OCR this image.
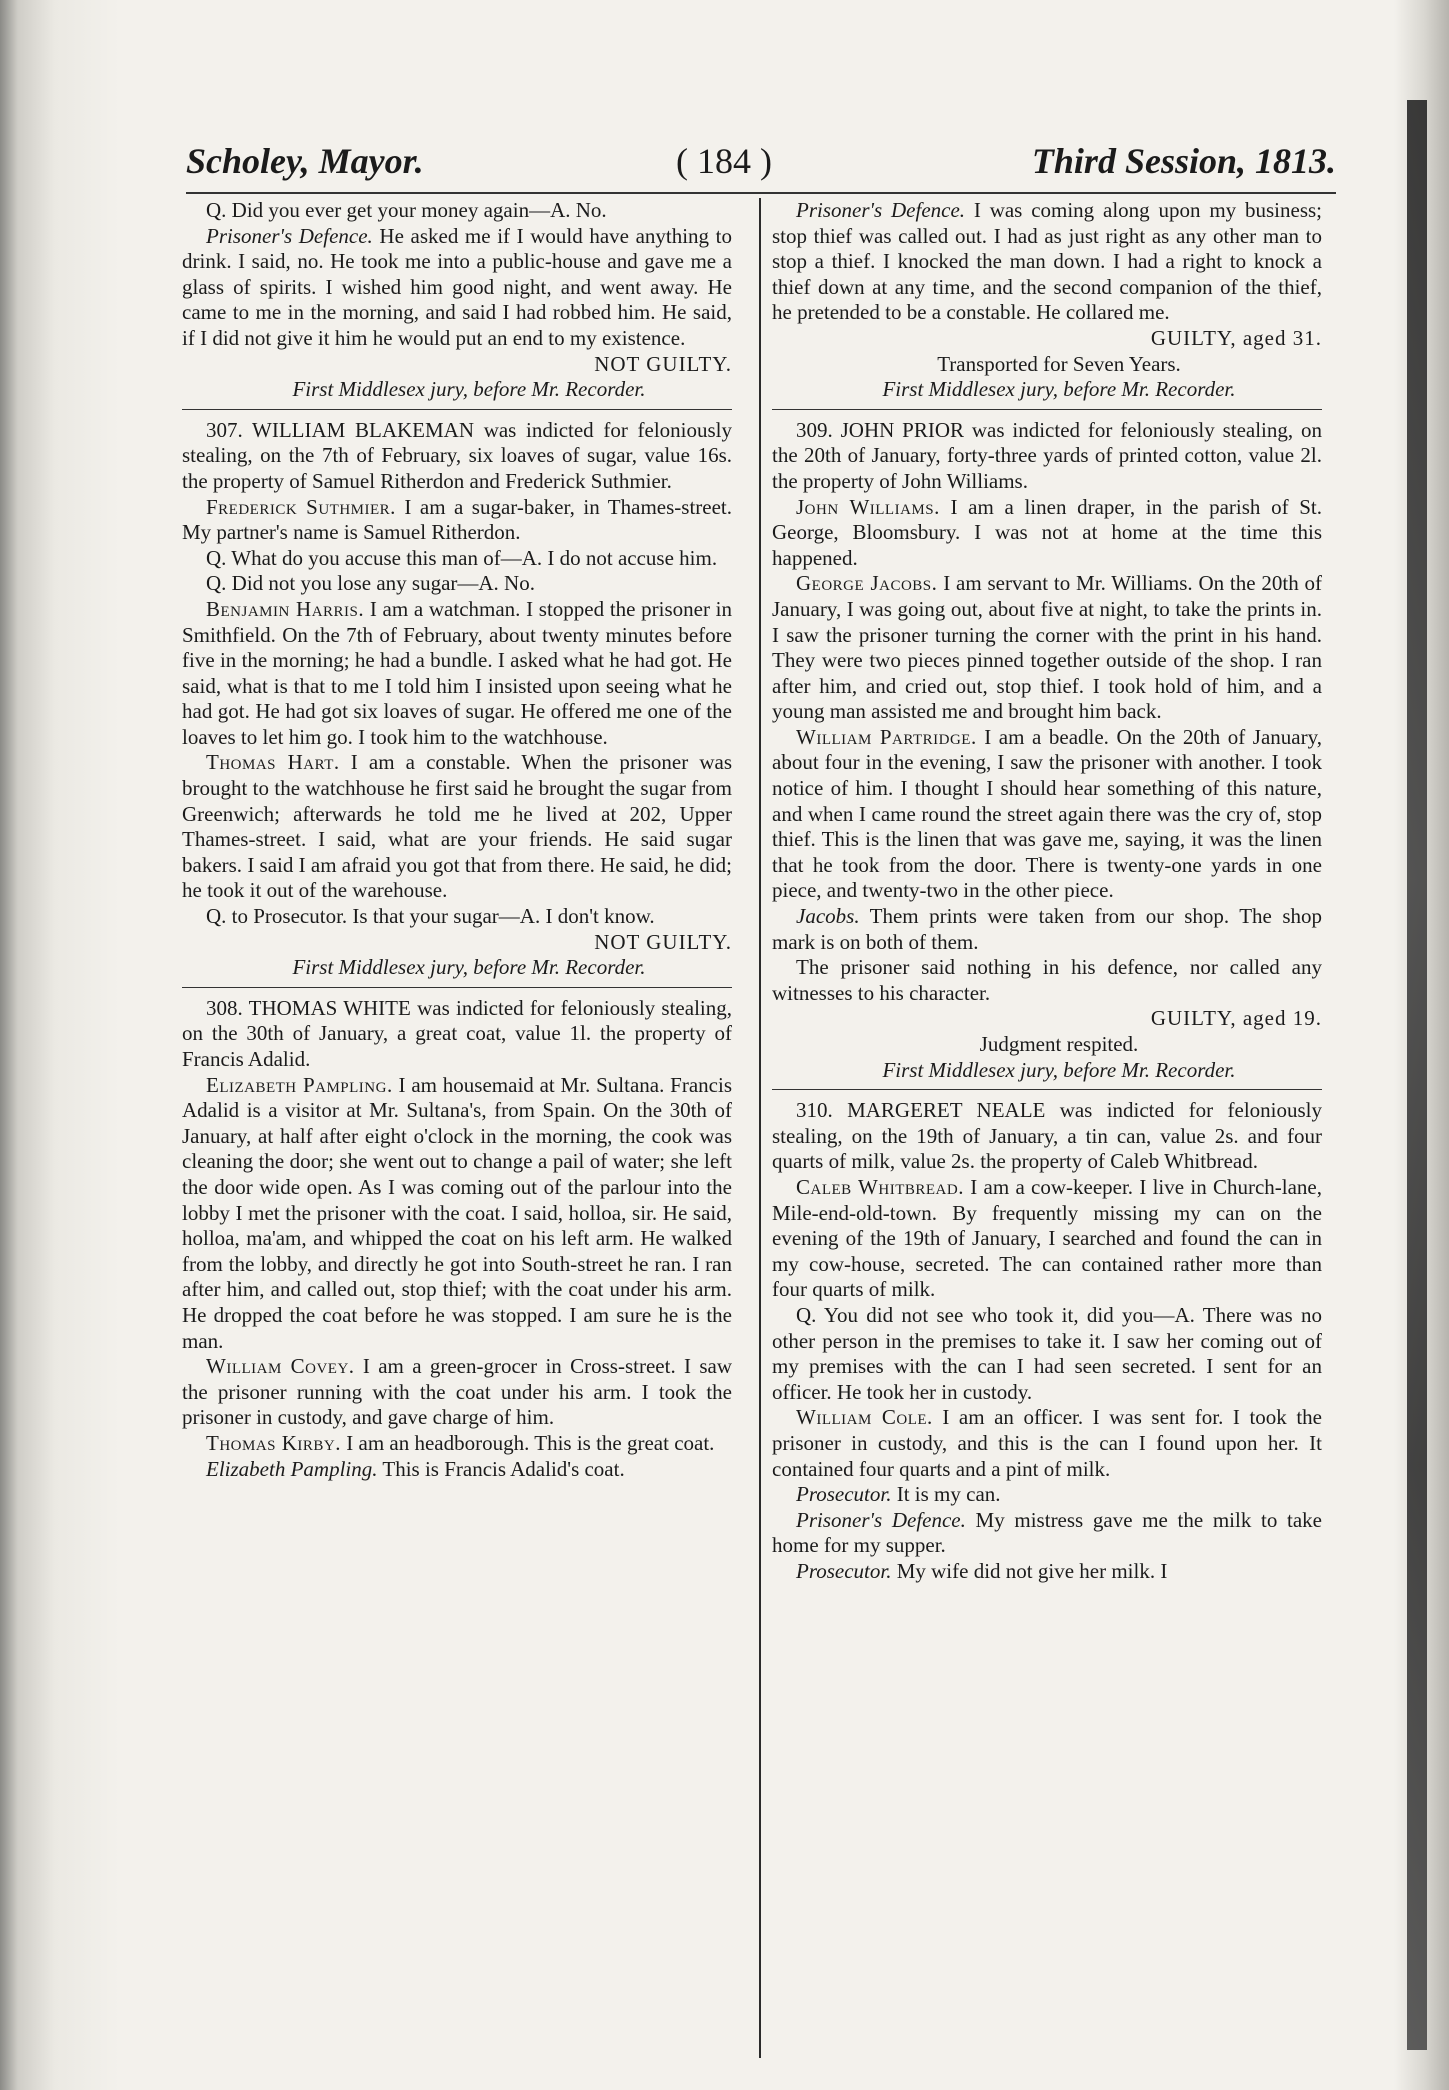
Scholey, Mayor.	( 184 )	Third Session, 1813.

Q. Did you ever get your money again—A. No.

Prisoner's Defence. He asked me if I would have anything to drink. I said, no. He took me into a public-house and gave me a glass of spirits. I wished him good night, and went away. He came to me in the morning, and said I had robbed him. He said, if I did not give it him he would put an end to my existence.

NOT GUILTY.

First Middlesex jury, before Mr. Recorder.

307. WILLIAM BLAKEMAN was indicted for feloniously stealing, on the 7th of February, six loaves of sugar, value 16s. the property of Samuel Ritherdon and Frederick Suthmier.

Frederick Suthmier. I am a sugar-baker, in Thames-street. My partner's name is Samuel Ritherdon.

Q. What do you accuse this man of—A. I do not accuse him.

Q. Did not you lose any sugar—A. No.

Benjamin Harris. I am a watchman. I stopped the prisoner in Smithfield. On the 7th of February, about twenty minutes before five in the morning; he had a bundle. I asked what he had got. He said, what is that to me I told him I insisted upon seeing what he had got. He had got six loaves of sugar. He offered me one of the loaves to let him go. I took him to the watchhouse.

Thomas Hart. I am a constable. When the prisoner was brought to the watchhouse he first said he brought the sugar from Greenwich; afterwards he told me he lived at 202, Upper Thames-street. I said, what are your friends. He said sugar bakers. I said I am afraid you got that from there. He said, he did; he took it out of the warehouse.

Q. to Prosecutor. Is that your sugar—A. I don't know.

NOT GUILTY.

First Middlesex jury, before Mr. Recorder.

308. THOMAS WHITE was indicted for feloniously stealing, on the 30th of January, a great coat, value 1l. the property of Francis Adalid.

Elizabeth Pampling. I am housemaid at Mr. Sultana. Francis Adalid is a visitor at Mr. Sultana's, from Spain. On the 30th of January, at half after eight o'clock in the morning, the cook was cleaning the door; she went out to change a pail of water; she left the door wide open. As I was coming out of the parlour into the lobby I met the prisoner with the coat. I said, holloa, sir. He said, holloa, ma'am, and whipped the coat on his left arm. He walked from the lobby, and directly he got into South-street he ran. I ran after him, and called out, stop thief; with the coat under his arm. He dropped the coat before he was stopped. I am sure he is the man.

William Covey. I am a green-grocer in Cross-street. I saw the prisoner running with the coat under his arm. I took the prisoner in custody, and gave charge of him.

Thomas Kirby. I am an headborough. This is the great coat.

Elizabeth Pampling. This is Francis Adalid's coat.

Prisoner's Defence. I was coming along upon my business; stop thief was called out. I had as just right as any other man to stop a thief. I knocked the man down. I had a right to knock a thief down at any time, and the second companion of the thief, he pretended to be a constable. He collared me.

GUILTY, aged 31.

Transported for Seven Years.

First Middlesex jury, before Mr. Recorder.

309. JOHN PRIOR was indicted for feloniously stealing, on the 20th of January, forty-three yards of printed cotton, value 2l. the property of John Williams.

John Williams. I am a linen draper, in the parish of St. George, Bloomsbury. I was not at home at the time this happened.

George Jacobs. I am servant to Mr. Williams. On the 20th of January, I was going out, about five at night, to take the prints in. I saw the prisoner turning the corner with the print in his hand. They were two pieces pinned together outside of the shop. I ran after him, and cried out, stop thief. I took hold of him, and a young man assisted me and brought him back.

William Partridge. I am a beadle. On the 20th of January, about four in the evening, I saw the prisoner with another. I took notice of him. I thought I should hear something of this nature, and when I came round the street again there was the cry of, stop thief. This is the linen that was gave me, saying, it was the linen that he took from the door. There is twenty-one yards in one piece, and twenty-two in the other piece.

Jacobs. Them prints were taken from our shop. The shop mark is on both of them.

The prisoner said nothing in his defence, nor called any witnesses to his character.

GUILTY, aged 19.

Judgment respited.

First Middlesex jury, before Mr. Recorder.

310. MARGERET NEALE was indicted for feloniously stealing, on the 19th of January, a tin can, value 2s. and four quarts of milk, value 2s. the property of Caleb Whitbread.

Caleb Whitbread. I am a cow-keeper. I live in Church-lane, Mile-end-old-town. By frequently missing my can on the evening of the 19th of January, I searched and found the can in my cow-house, secreted. The can contained rather more than four quarts of milk.

Q. You did not see who took it, did you—A. There was no other person in the premises to take it. I saw her coming out of my premises with the can I had seen secreted. I sent for an officer. He took her in custody.

William Cole. I am an officer. I was sent for. I took the prisoner in custody, and this is the can I found upon her. It contained four quarts and a pint of milk.

Prosecutor. It is my can.

Prisoner's Defence. My mistress gave me the milk to take home for my supper.

Prosecutor. My wife did not give her milk. I
